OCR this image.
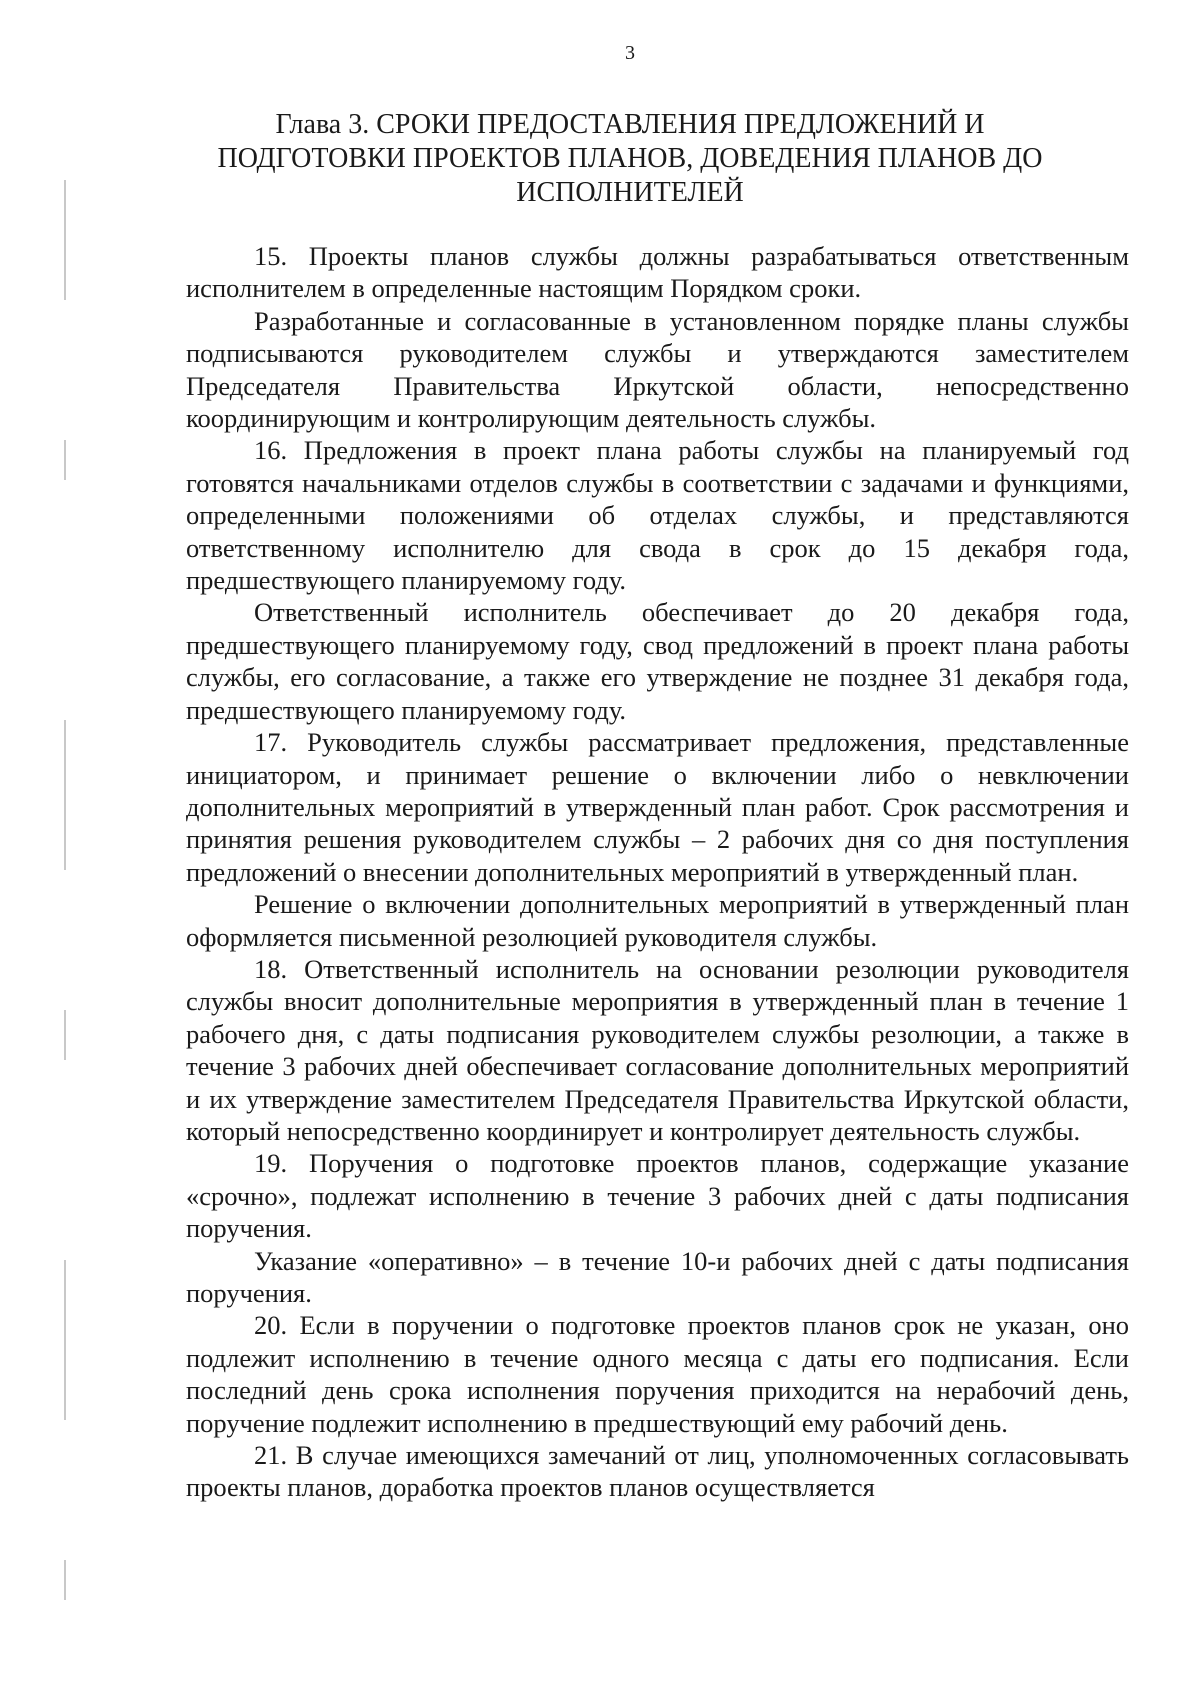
3
Глава 3. СРОКИ ПРЕДОСТАВЛЕНИЯ ПРЕДЛОЖЕНИЙ И ПОДГОТОВКИ ПРОЕКТОВ ПЛАНОВ, ДОВЕДЕНИЯ ПЛАНОВ ДО ИСПОЛНИТЕЛЕЙ

15. Проекты планов службы должны разрабатываться ответственным исполнителем в определенные настоящим Порядком сроки.

Разработанные и согласованные в установленном порядке планы службы подписываются руководителем службы и утверждаются заместителем Председателя Правительства Иркутской области, непосредственно координирующим и контролирующим деятельность службы.

16. Предложения в проект плана работы службы на планируемый год готовятся начальниками отделов службы в соответствии с задачами и функциями, определенными положениями об отделах службы, и представляются ответственному исполнителю для свода в срок до 15 декабря года, предшествующего планируемому году.

Ответственный исполнитель обеспечивает до 20 декабря года, предшествующего планируемому году, свод предложений в проект плана работы службы, его согласование, а также его утверждение не позднее 31 декабря года, предшествующего планируемому году.

17. Руководитель службы рассматривает предложения, представленные инициатором, и принимает решение о включении либо о невключении дополнительных мероприятий в утвержденный план работ. Срок рассмотрения и принятия решения руководителем службы – 2 рабочих дня со дня поступления предложений о внесении дополнительных мероприятий в утвержденный план.

Решение о включении дополнительных мероприятий в утвержденный план оформляется письменной резолюцией руководителя службы.

18. Ответственный исполнитель на основании резолюции руководителя службы вносит дополнительные мероприятия в утвержденный план в течение 1 рабочего дня, с даты подписания руководителем службы резолюции, а также в течение 3 рабочих дней обеспечивает согласование дополнительных мероприятий и их утверждение заместителем Председателя Правительства Иркутской области, который непосредственно координирует и контролирует деятельность службы.

19. Поручения о подготовке проектов планов, содержащие указание «срочно», подлежат исполнению в течение 3 рабочих дней с даты подписания поручения.

Указание «оперативно» – в течение 10-и рабочих дней с даты подписания поручения.

20. Если в поручении о подготовке проектов планов срок не указан, оно подлежит исполнению в течение одного месяца с даты его подписания. Если последний день срока исполнения поручения приходится на нерабочий день, поручение подлежит исполнению в предшествующий ему рабочий день.

21. В случае имеющихся замечаний от лиц, уполномоченных согласовывать проекты планов, доработка проектов планов осуществляется
